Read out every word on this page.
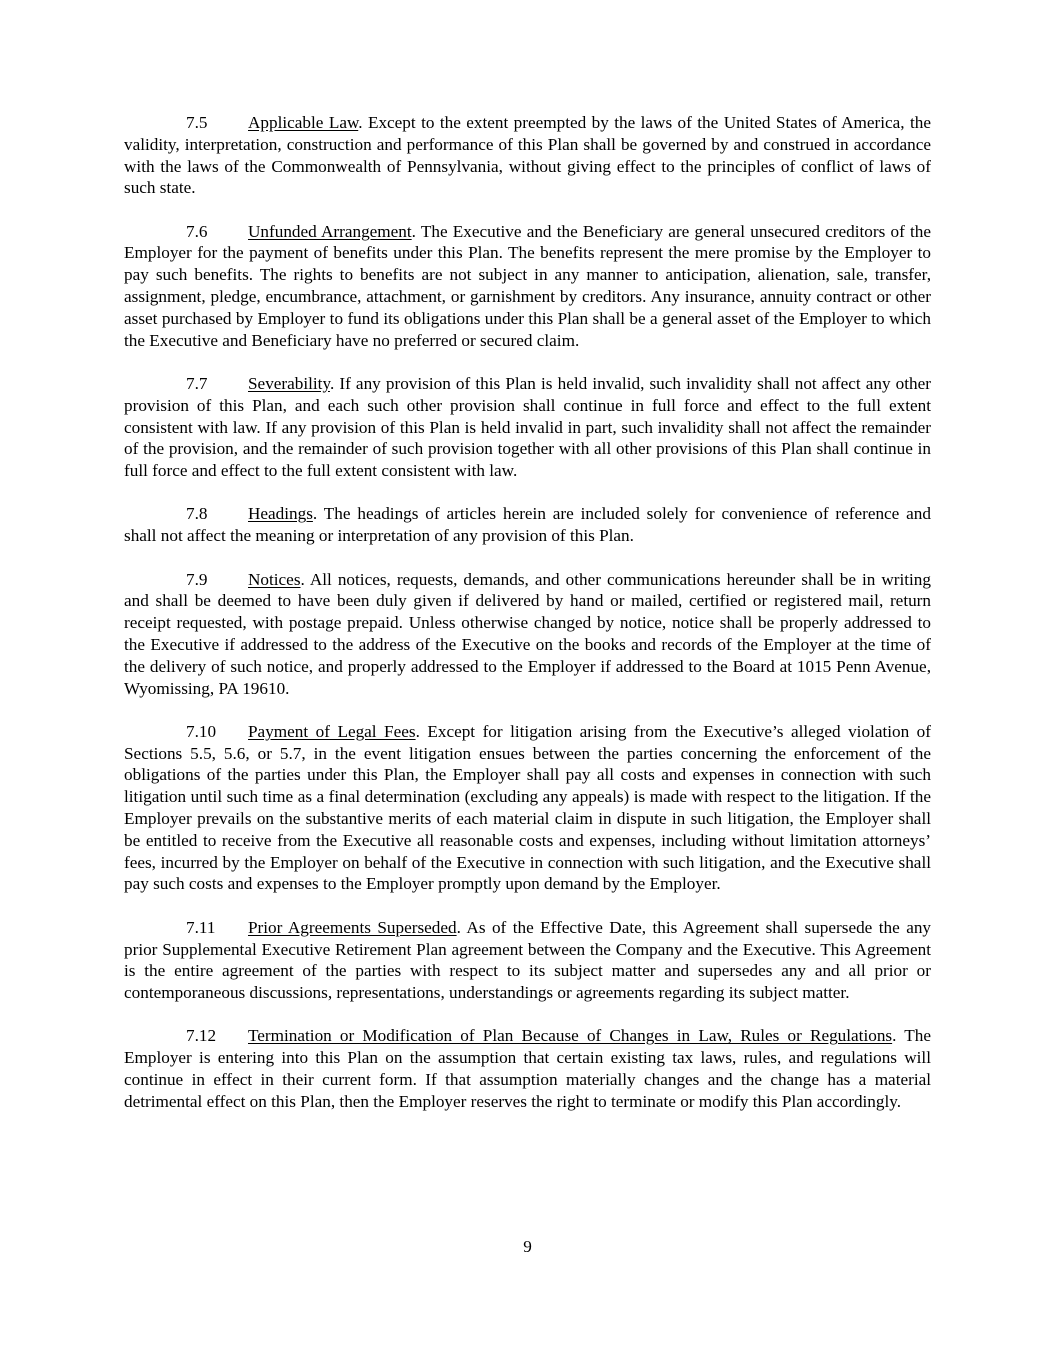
7.5 Applicable Law. Except to the extent preempted by the laws of the United States of America, the validity, interpretation, construction and performance of this Plan shall be governed by and construed in accordance with the laws of the Commonwealth of Pennsylvania, without giving effect to the principles of conflict of laws of such state.

7.6 Unfunded Arrangement. The Executive and the Beneficiary are general unsecured creditors of the Employer for the payment of benefits under this Plan. The benefits represent the mere promise by the Employer to pay such benefits. The rights to benefits are not subject in any manner to anticipation, alienation, sale, transfer, assignment, pledge, encumbrance, attachment, or garnishment by creditors. Any insurance, annuity contract or other asset purchased by Employer to fund its obligations under this Plan shall be a general asset of the Employer to which the Executive and Beneficiary have no preferred or secured claim.

7.7 Severability. If any provision of this Plan is held invalid, such invalidity shall not affect any other provision of this Plan, and each such other provision shall continue in full force and effect to the full extent consistent with law. If any provision of this Plan is held invalid in part, such invalidity shall not affect the remainder of the provision, and the remainder of such provision together with all other provisions of this Plan shall continue in full force and effect to the full extent consistent with law.

7.8 Headings. The headings of articles herein are included solely for convenience of reference and shall not affect the meaning or interpretation of any provision of this Plan.

7.9 Notices. All notices, requests, demands, and other communications hereunder shall be in writing and shall be deemed to have been duly given if delivered by hand or mailed, certified or registered mail, return receipt requested, with postage prepaid. Unless otherwise changed by notice, notice shall be properly addressed to the Executive if addressed to the address of the Executive on the books and records of the Employer at the time of the delivery of such notice, and properly addressed to the Employer if addressed to the Board at 1015 Penn Avenue, Wyomissing, PA 19610.

7.10 Payment of Legal Fees. Except for litigation arising from the Executive’s alleged violation of Sections 5.5, 5.6, or 5.7, in the event litigation ensues between the parties concerning the enforcement of the obligations of the parties under this Plan, the Employer shall pay all costs and expenses in connection with such litigation until such time as a final determination (excluding any appeals) is made with respect to the litigation. If the Employer prevails on the substantive merits of each material claim in dispute in such litigation, the Employer shall be entitled to receive from the Executive all reasonable costs and expenses, including without limitation attorneys’ fees, incurred by the Employer on behalf of the Executive in connection with such litigation, and the Executive shall pay such costs and expenses to the Employer promptly upon demand by the Employer.

7.11 Prior Agreements Superseded. As of the Effective Date, this Agreement shall supersede the any prior Supplemental Executive Retirement Plan agreement between the Company and the Executive. This Agreement is the entire agreement of the parties with respect to its subject matter and supersedes any and all prior or contemporaneous discussions, representations, understandings or agreements regarding its subject matter.

7.12 Termination or Modification of Plan Because of Changes in Law, Rules or Regulations. The Employer is entering into this Plan on the assumption that certain existing tax laws, rules, and regulations will continue in effect in their current form. If that assumption materially changes and the change has a material detrimental effect on this Plan, then the Employer reserves the right to terminate or modify this Plan accordingly.

9
